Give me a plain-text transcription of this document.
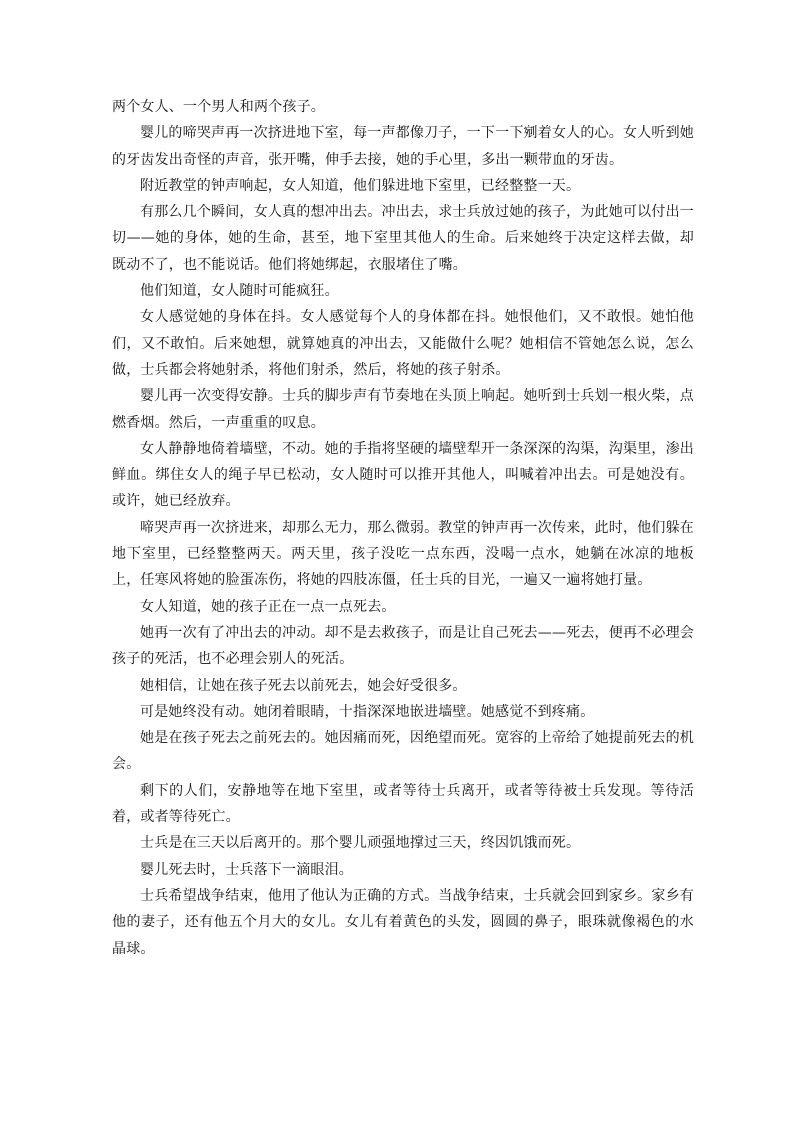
两个女人、一个男人和两个孩子。

婴儿的啼哭声再一次挤进地下室，每一声都像刀子，一下一下剜着女人的心。女人听到她的牙齿发出奇怪的声音，张开嘴，伸手去接，她的手心里，多出一颗带血的牙齿。

附近教堂的钟声响起，女人知道，他们躲进地下室里，已经整整一天。

有那么几个瞬间，女人真的想冲出去。冲出去，求士兵放过她的孩子，为此她可以付出一切——她的身体，她的生命，甚至，地下室里其他人的生命。后来她终于决定这样去做，却既动不了，也不能说话。他们将她绑起，衣服堵住了嘴。

他们知道，女人随时可能疯狂。

女人感觉她的身体在抖。女人感觉每个人的身体都在抖。她恨他们，又不敢恨。她怕他们，又不敢怕。后来她想，就算她真的冲出去，又能做什么呢？她相信不管她怎么说，怎么做，士兵都会将她射杀，将他们射杀，然后，将她的孩子射杀。

婴儿再一次变得安静。士兵的脚步声有节奏地在头顶上响起。她听到士兵划一根火柴，点燃香烟。然后，一声重重的叹息。

女人静静地倚着墙壁，不动。她的手指将坚硬的墙壁犁开一条深深的沟渠，沟渠里，渗出鲜血。绑住女人的绳子早已松动，女人随时可以推开其他人，叫喊着冲出去。可是她没有。或许，她已经放弃。

啼哭声再一次挤进来，却那么无力，那么微弱。教堂的钟声再一次传来，此时，他们躲在地下室里，已经整整两天。两天里，孩子没吃一点东西，没喝一点水，她躺在冰凉的地板上，任寒风将她的脸蛋冻伤，将她的四肢冻僵，任士兵的目光，一遍又一遍将她打量。

女人知道，她的孩子正在一点一点死去。

她再一次有了冲出去的冲动。却不是去救孩子，而是让自己死去——死去，便再不必理会孩子的死活，也不必理会别人的死活。

她相信，让她在孩子死去以前死去，她会好受很多。

可是她终没有动。她闭着眼睛，十指深深地嵌进墙壁。她感觉不到疼痛。

她是在孩子死去之前死去的。她因痛而死，因绝望而死。宽容的上帝给了她提前死去的机会。

剩下的人们，安静地等在地下室里，或者等待士兵离开，或者等待被士兵发现。等待活着，或者等待死亡。

士兵是在三天以后离开的。那个婴儿顽强地撑过三天，终因饥饿而死。

婴儿死去时，士兵落下一滴眼泪。

士兵希望战争结束，他用了他认为正确的方式。当战争结束，士兵就会回到家乡。家乡有他的妻子，还有他五个月大的女儿。女儿有着黄色的头发，圆圆的鼻子，眼珠就像褐色的水晶球。
